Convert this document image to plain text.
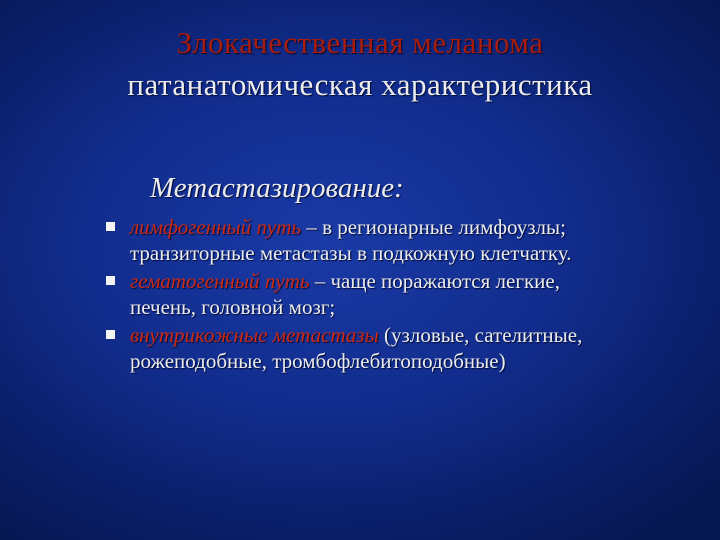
Злокачественная меланома
патанатомическая характеристика
Метастазирование:
лимфогенный путь – в регионарные лимфоузлы; транзиторные метастазы в подкожную клетчатку.
гематогенный путь – чаще поражаются легкие, печень, головной мозг;
внутрикожные метастазы (узловые, сателитные, рожеподобные, тромбофлебитоподобные)
